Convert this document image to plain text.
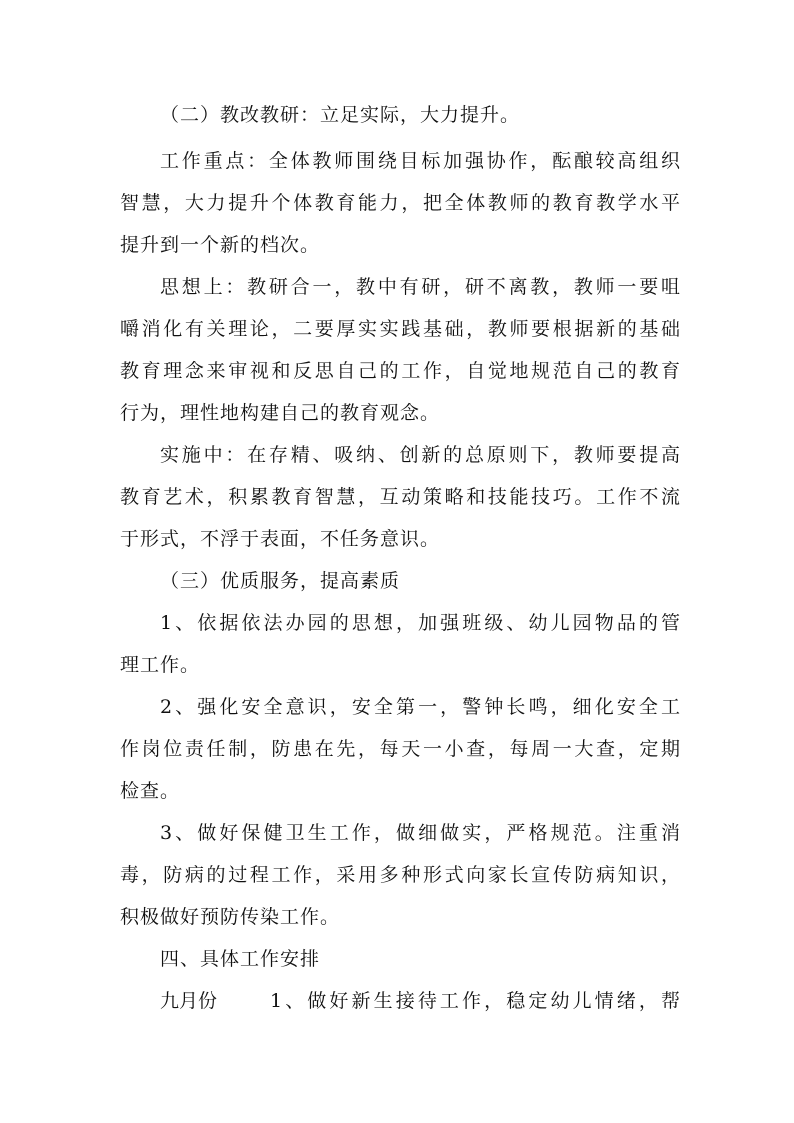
（二）教改教研：立足实际，大力提升。
工作重点：全体教师围绕目标加强协作，酝酿较高组织
智慧，大力提升个体教育能力，把全体教师的教育教学水平
提升到一个新的档次。
思想上：教研合一，教中有研，研不离教，教师一要咀
嚼消化有关理论，二要厚实实践基础，教师要根据新的基础
教育理念来审视和反思自己的工作，自觉地规范自己的教育
行为，理性地构建自己的教育观念。
实施中：在存精、吸纳、创新的总原则下，教师要提高
教育艺术，积累教育智慧，互动策略和技能技巧。工作不流
于形式，不浮于表面，不任务意识。
（三）优质服务，提高素质
1、依据依法办园的思想，加强班级、幼儿园物品的管
理工作。
2、强化安全意识，安全第一，警钟长鸣，细化安全工
作岗位责任制，防患在先，每天一小查，每周一大查，定期
检查。
3、做好保健卫生工作，做细做实，严格规范。注重消
毒，防病的过程工作，采用多种形式向家长宣传防病知识，
积极做好预防传染工作。
四、具体工作安排
九月份	1、做好新生接待工作，稳定幼儿情绪，帮
